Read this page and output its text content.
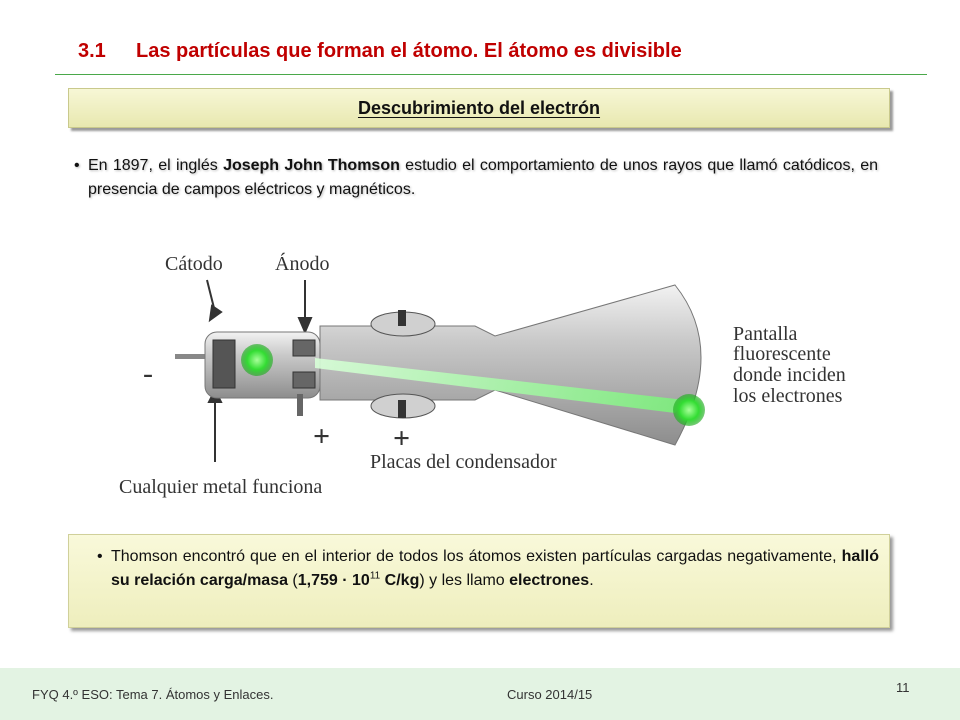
3.1 Las partículas que forman el átomo. El átomo es divisible
Descubrimiento del electrón
• En 1897, el inglés Joseph John Thomson estudio el comportamiento de unos rayos que llamó catódicos, en presencia de campos eléctricos y magnéticos.
Cátodo	Ánodo
Pantalla
fluorescente
donde inciden
los electrones
-
+ +
Placas del condensador
Cualquier metal funciona
• Thomson encontró que en el interior de todos los átomos existen partículas cargadas negativamente, halló su relación carga/masa ($1,759 \cdot 10^{11}$ C/kg) y les llamo electrones.
FYQ 4.º ESO: Tema 7. Átomos y Enlaces.	Curso 2014/15	11
